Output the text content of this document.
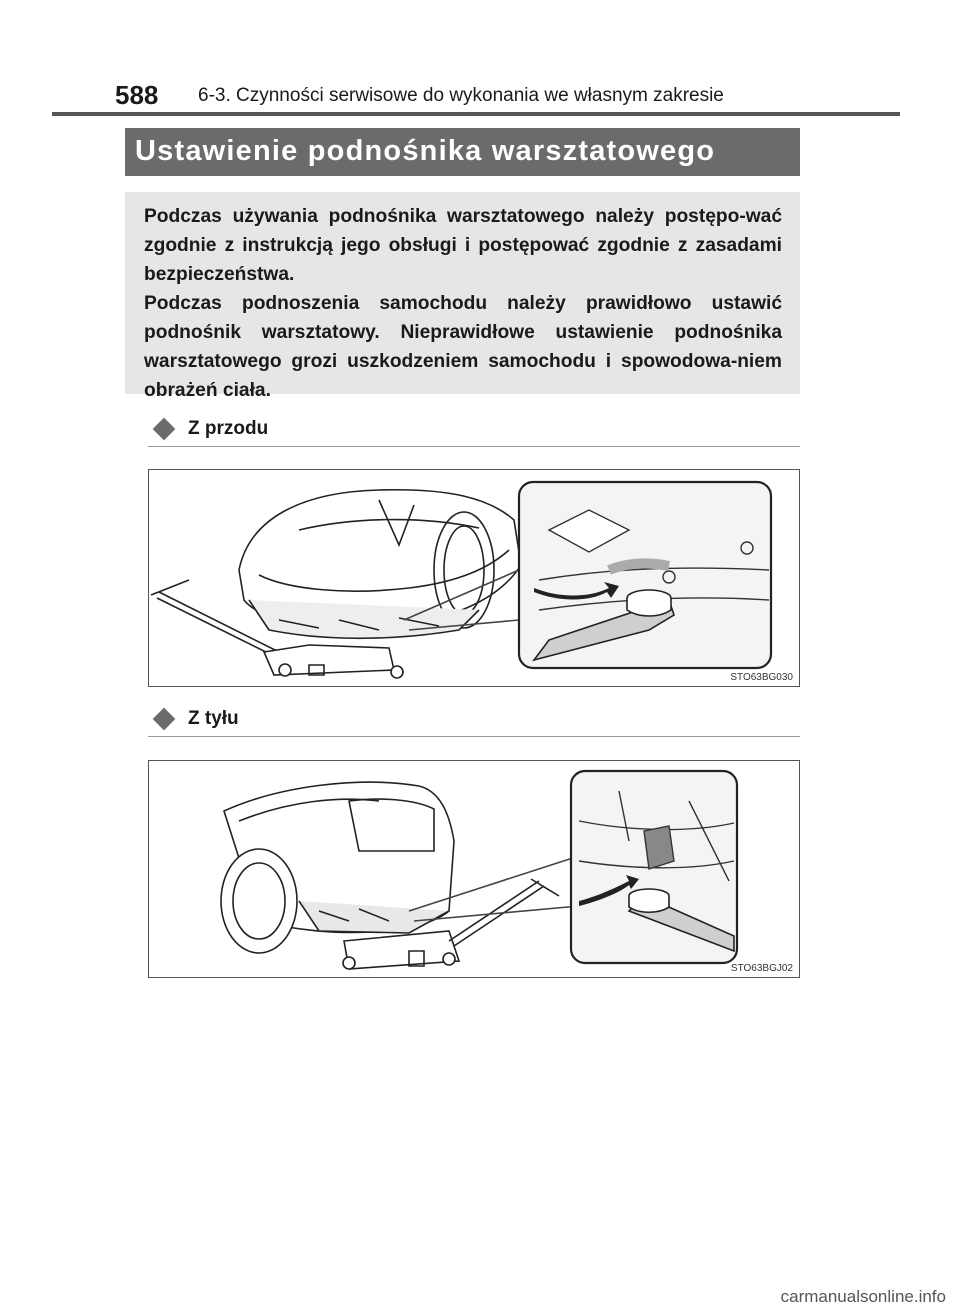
588 6-3. Czynności serwisowe do wykonania we własnym zakresie
Ustawienie podnośnika warsztatowego

Podczas używania podnośnika warsztatowego należy postępo-wać zgodnie z instrukcją jego obsługi i postępować zgodnie z zasadami bezpieczeństwa.

Podczas podnoszenia samochodu należy prawidłowo ustawić podnośnik warsztatowy. Nieprawidłowe ustawienie podnośnika warsztatowego grozi uszkodzeniem samochodu i spowodowa-niem obrażeń ciała.

Z przodu
STO63BG030
Z tyłu
STO63BGJ02
carmanualsonline.info
